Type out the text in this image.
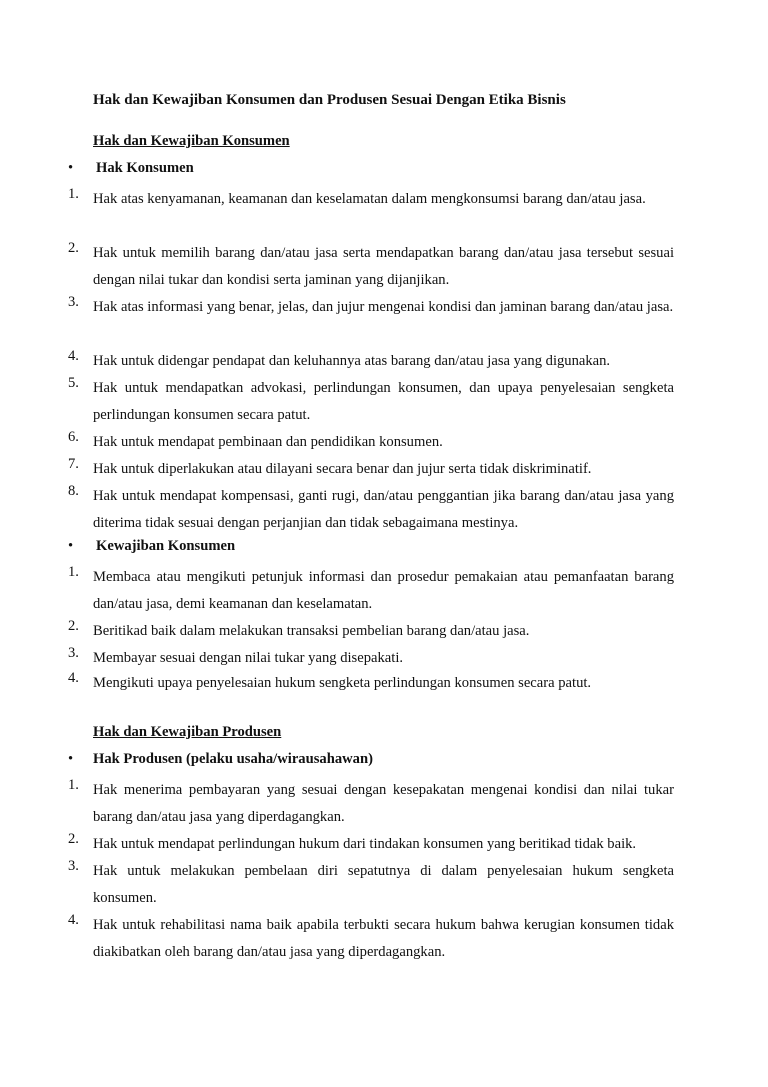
Hak dan Kewajiban Konsumen dan Produsen Sesuai Dengan Etika Bisnis
Hak dan Kewajiban Konsumen
• Hak Konsumen
1. Hak atas kenyamanan, keamanan dan keselamatan dalam mengkonsumsi barang dan/atau jasa.
2. Hak untuk memilih barang dan/atau jasa serta mendapatkan barang dan/atau jasa tersebut sesuai dengan nilai tukar dan kondisi serta jaminan yang dijanjikan.
3. Hak atas informasi yang benar, jelas, dan jujur mengenai kondisi dan jaminan barang dan/atau jasa.
4. Hak untuk didengar pendapat dan keluhannya atas barang dan/atau jasa yang digunakan.
5. Hak untuk mendapatkan advokasi, perlindungan konsumen, dan upaya penyelesaian sengketa perlindungan konsumen secara patut.
6. Hak untuk mendapat pembinaan dan pendidikan konsumen.
7. Hak untuk diperlakukan atau dilayani secara benar dan jujur serta tidak diskriminatif.
8. Hak untuk mendapat kompensasi, ganti rugi, dan/atau penggantian jika barang dan/atau jasa yang diterima tidak sesuai dengan perjanjian dan tidak sebagaimana mestinya.
• Kewajiban Konsumen
1. Membaca atau mengikuti petunjuk informasi dan prosedur pemakaian atau pemanfaatan barang dan/atau jasa, demi keamanan dan keselamatan.
2. Beritikad baik dalam melakukan transaksi pembelian barang dan/atau jasa.
3. Membayar sesuai dengan nilai tukar yang disepakati.
4. Mengikuti upaya penyelesaian hukum sengketa perlindungan konsumen secara patut.
Hak dan Kewajiban Produsen
• Hak Produsen (pelaku usaha/wirausahawan)
1. Hak menerima pembayaran yang sesuai dengan kesepakatan mengenai kondisi dan nilai tukar barang dan/atau jasa yang diperdagangkan.
2. Hak untuk mendapat perlindungan hukum dari tindakan konsumen yang beritikad tidak baik.
3. Hak untuk melakukan pembelaan diri sepatutnya di dalam penyelesaian hukum sengketa konsumen.
4. Hak untuk rehabilitasi nama baik apabila terbukti secara hukum bahwa kerugian konsumen tidak diakibatkan oleh barang dan/atau jasa yang diperdagangkan.
